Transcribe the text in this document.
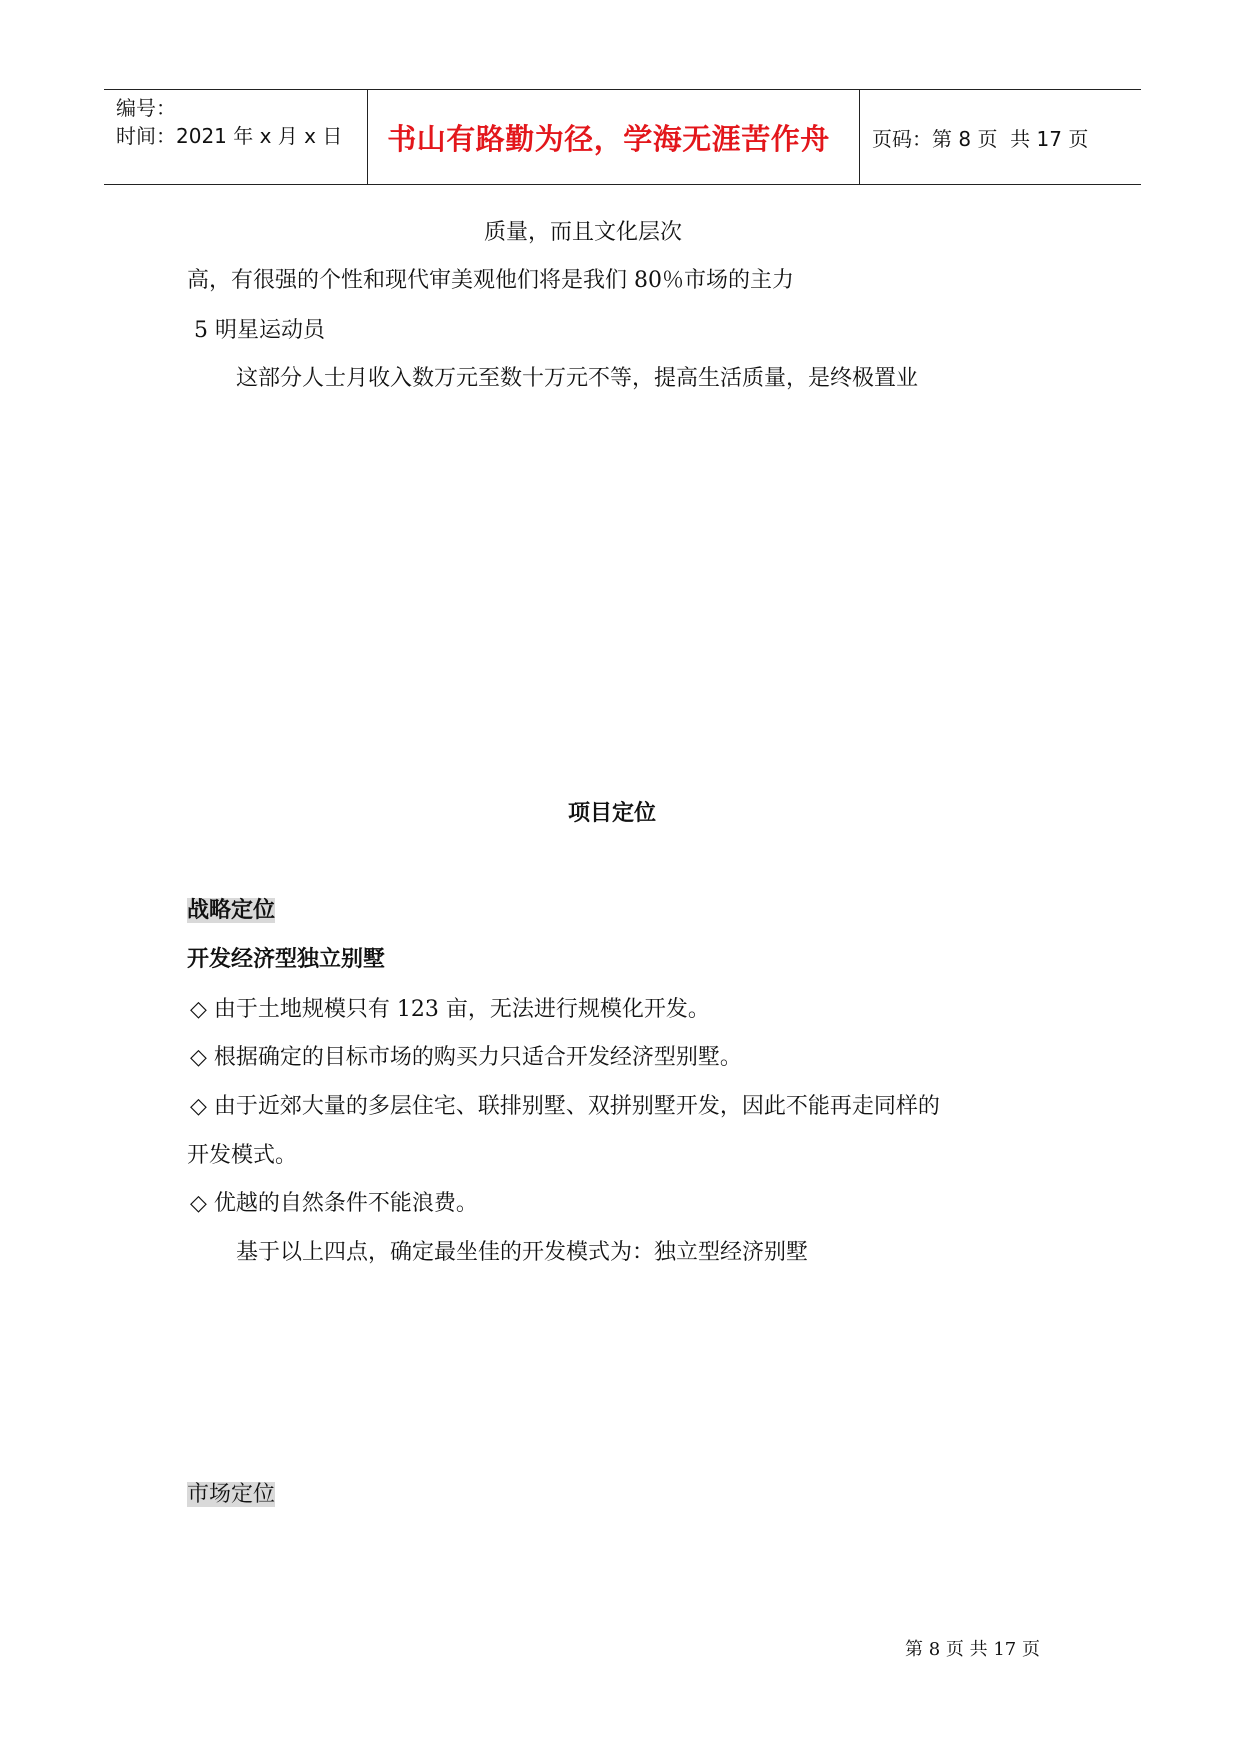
编号：
时间：2021 年 x 月 x 日	书山有路勤为径，学海无涯苦作舟	页码：第 8 页  共 17 页
质量，而且文化层次
高，有很强的个性和现代审美观他们将是我们 80％市场的主力
5 明星运动员
这部分人士月收入数万元至数十万元不等，提高生活质量，是终极置业
项目定位
战略定位
开发经济型独立别墅
◇ 由于土地规模只有 123 亩，无法进行规模化开发。
◇ 根据确定的目标市场的购买力只适合开发经济型别墅。
◇ 由于近郊大量的多层住宅、联排别墅、双拼别墅开发，因此不能再走同样的
开发模式。
◇ 优越的自然条件不能浪费。
基于以上四点，确定最坐佳的开发模式为：独立型经济别墅
市场定位
第 8 页 共 17 页
